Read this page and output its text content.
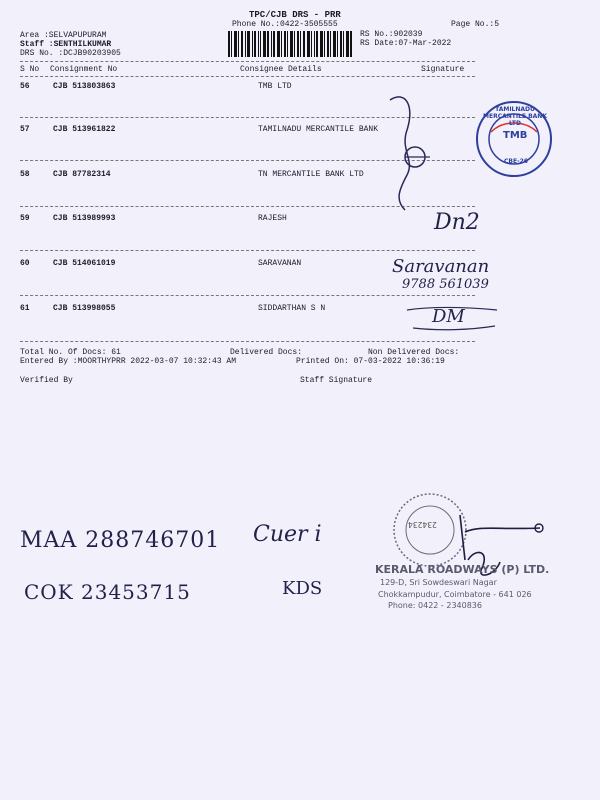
TPC/CJB DRS - PRR
Phone No.:0422-3505555	Page No.:5
RS No.:902039
RS Date:07-Mar-2022
Area :SELVAPUPURAM
Staff :SENTHILKUMAR
DRS No. :DCJB90203905
S No Consignment No	Consignee Details	Signature
56	CJB 513803863	TMB LTD
57	CJB 513961822	TAMILNADU MERCANTILE BANK
58	CJB 87782314	TN MERCANTILE BANK LTD
59	CJB 513989993	RAJESH
60	CJB 514061019	SARAVANAN
61	CJB 513998055	SIDDARTHAN S N
Total No. Of Docs: 61	Delivered Docs:	Non Delivered Docs:
Entered By :MOORTHYPRR 2022-03-07 10:32:43 AM	Printed On: 07-03-2022 10:36:19
Verified By	Staff Signature
TAMILNADU MERCANTILE BANK LTD
TMB
CBE-26
Dn2
Saravanan
9788 561039
DM
MAA 288746701 Cuer i
COK 23453715	KDS
234234
KERALA ROADWAYS (P) LTD.
129-D, Sri Sowdeswari Nagar
Chokkampudur, Coimbatore - 641 026
Phone: 0422 - 2340836
